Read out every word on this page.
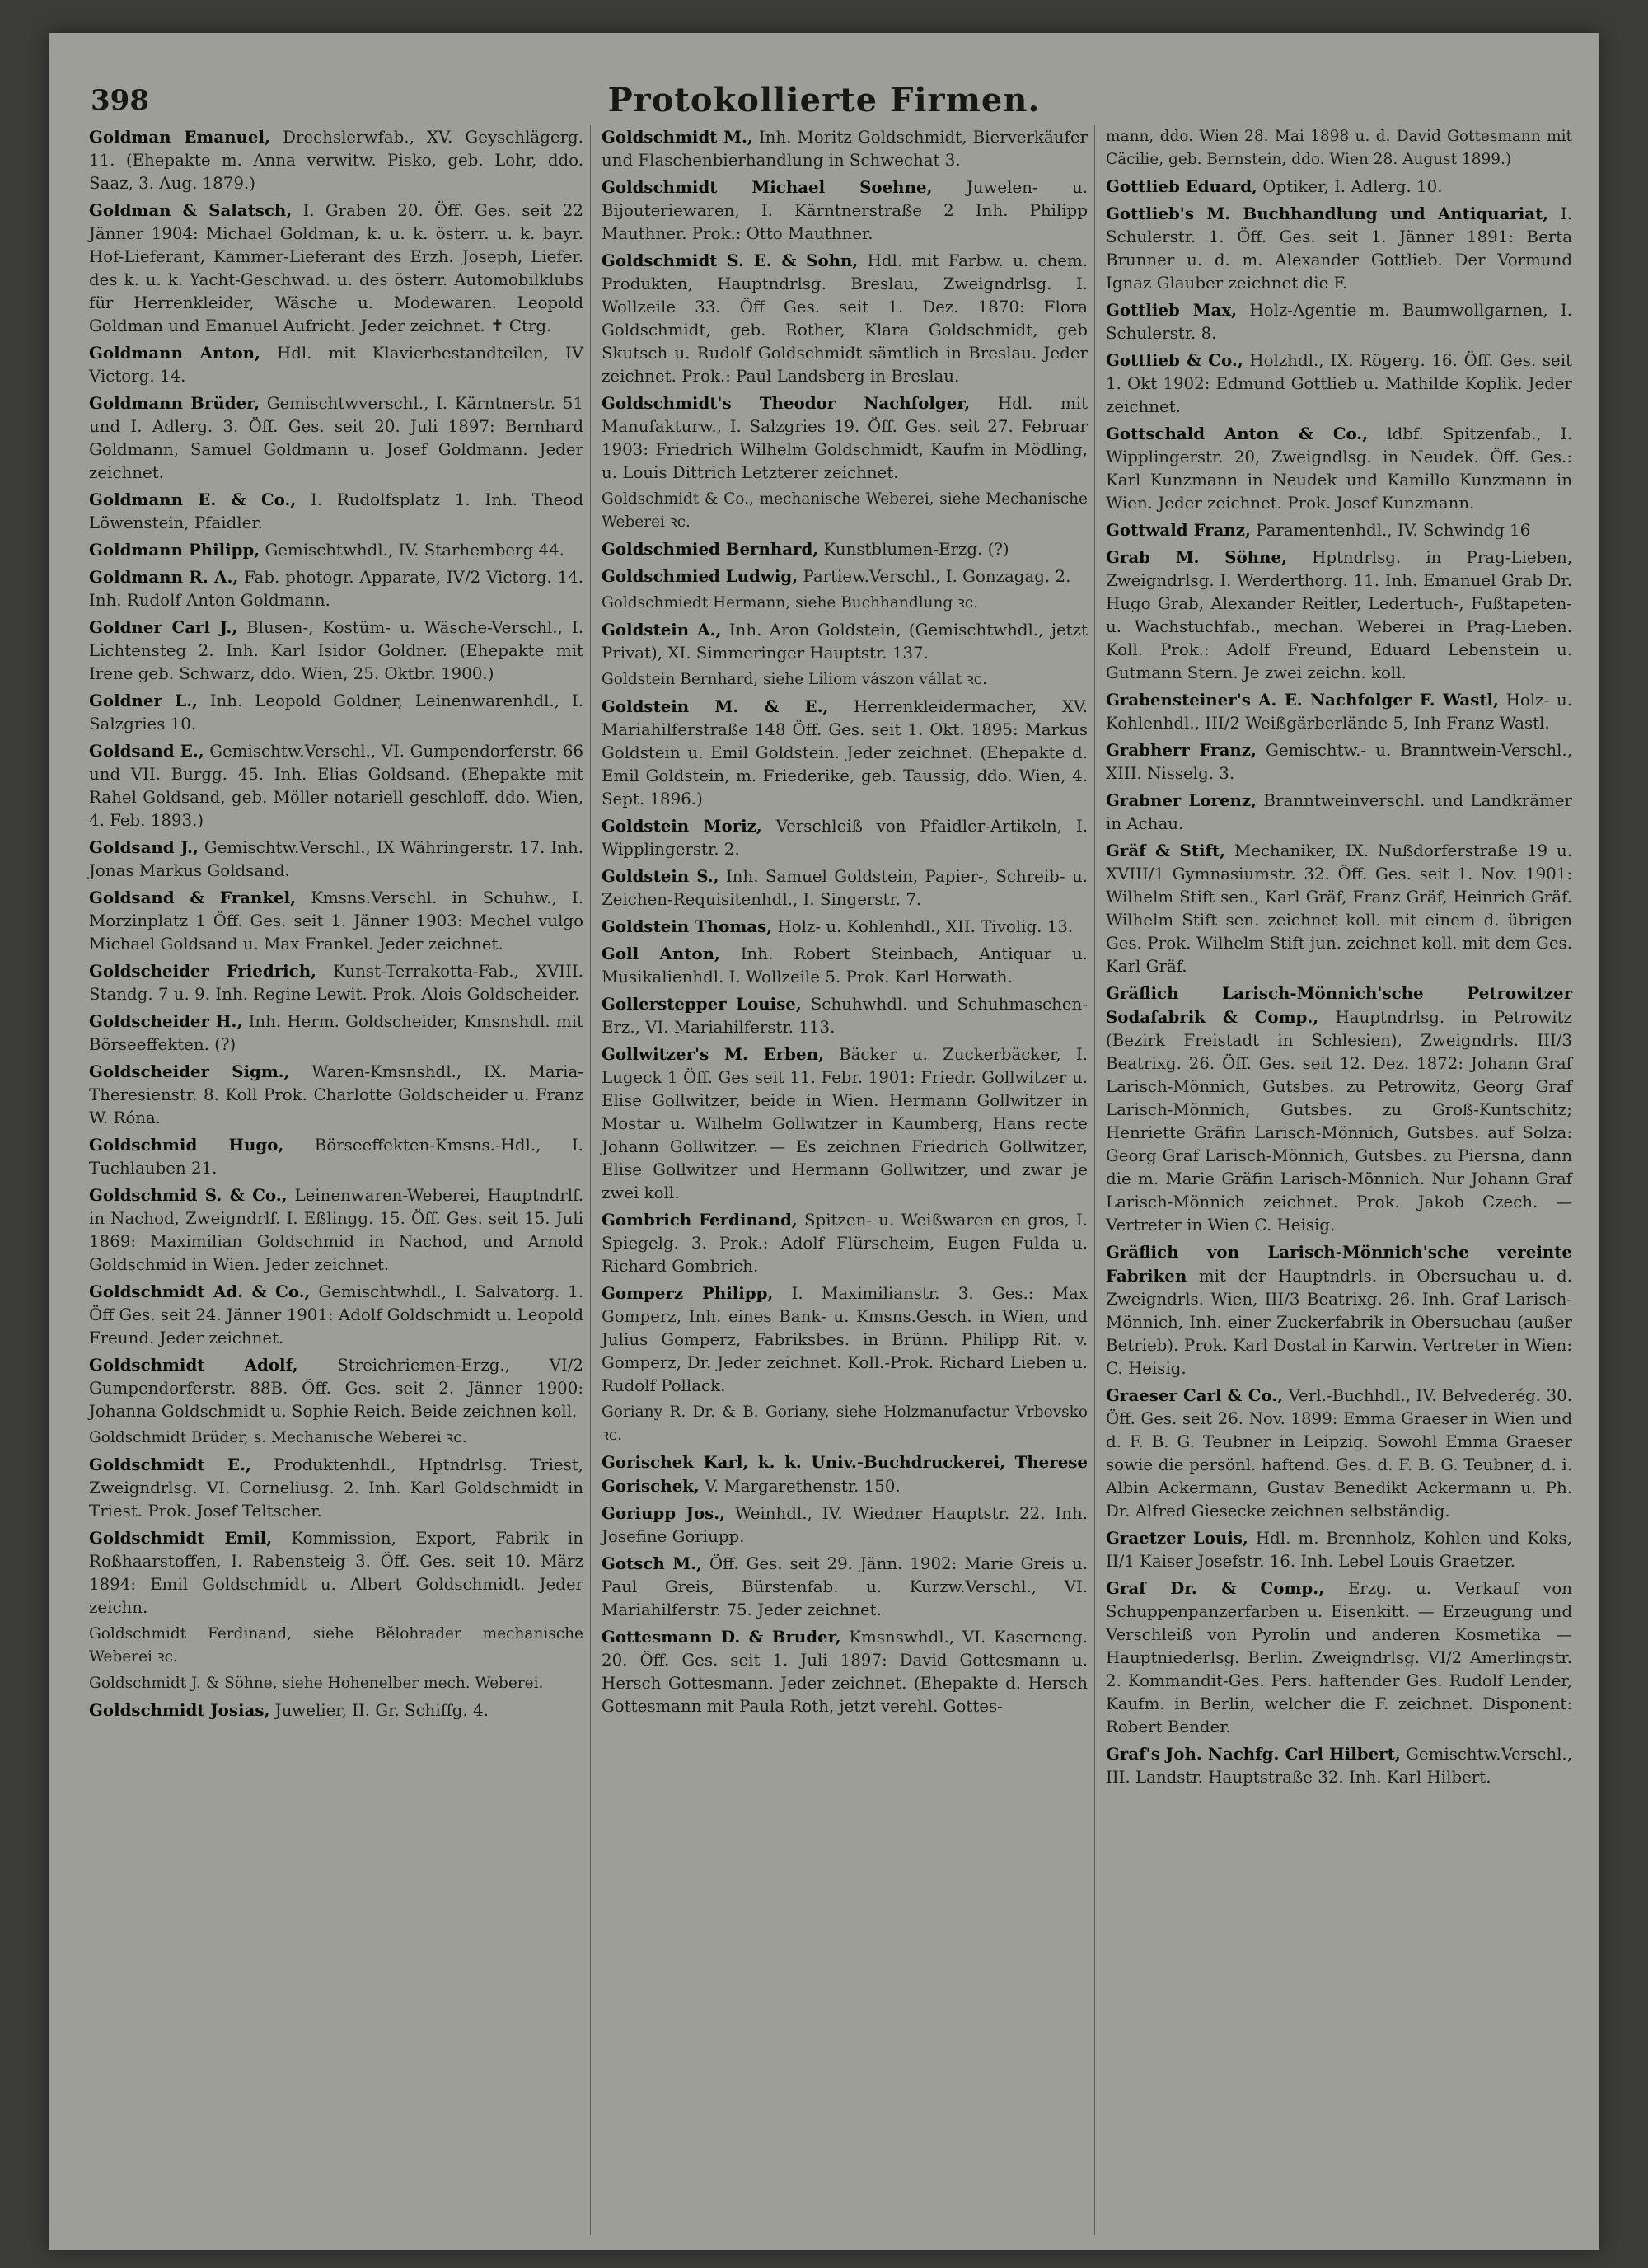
398	Protokollierte Firmen.

Goldman Emanuel, Drechslerwfab., XV. Geyschlägerg. 11. (Ehepakte m. Anna verwitw. Pisko, geb. Lohr, ddo. Saaz, 3. Aug. 1879.)

Goldman & Salatsch, I. Graben 20. Öff. Ges. seit 22 Jänner 1904: Michael Goldman, k. u. k. österr. u. k. bayr. Hof-Lieferant, Kammer-Lieferant des Erzh. Joseph, Liefer. des k. u. k. Yacht-Geschwad. u. des österr. Automobilklubs für Herrenkleider, Wäsche u. Modewaren. Leopold Goldman und Emanuel Aufricht. Jeder zeichnet. ✝ Ctrg.

Goldmann Anton, Hdl. mit Klavierbestandteilen, IV Victorg. 14.

Goldmann Brüder, Gemischtwverschl., I. Kärntnerstr. 51 und I. Adlerg. 3. Öff. Ges. seit 20. Juli 1897: Bernhard Goldmann, Samuel Goldmann u. Josef Goldmann. Jeder zeichnet.

Goldmann E. & Co., I. Rudolfsplatz 1. Inh. Theod Löwenstein, Pfaidler.

Goldmann Philipp, Gemischtwhdl., IV. Starhemberg 44.

Goldmann R. A., Fab. photogr. Apparate, IV/2 Victorg. 14. Inh. Rudolf Anton Goldmann.

Goldner Carl J., Blusen-, Kostüm- u. Wäsche-Verschl., I. Lichtensteg 2. Inh. Karl Isidor Goldner. (Ehepakte mit Irene geb. Schwarz, ddo. Wien, 25. Oktbr. 1900.)

Goldner L., Inh. Leopold Goldner, Leinenwarenhdl., I. Salzgries 10.

Goldsand E., Gemischtw.Verschl., VI. Gumpendorferstr. 66 und VII. Burgg. 45. Inh. Elias Goldsand. (Ehepakte mit Rahel Goldsand, geb. Möller notariell geschloff. ddo. Wien, 4. Feb. 1893.)

Goldsand J., Gemischtw.Verschl., IX Währingerstr. 17. Inh. Jonas Markus Goldsand.

Goldsand & Frankel, Kmsns.Verschl. in Schuhw., I. Morzinplatz 1 Öff. Ges. seit 1. Jänner 1903: Mechel vulgo Michael Goldsand u. Max Frankel. Jeder zeichnet.

Goldscheider Friedrich, Kunst-Terrakotta-Fab., XVIII. Standg. 7 u. 9. Inh. Regine Lewit. Prok. Alois Goldscheider.

Goldscheider H., Inh. Herm. Goldscheider, Kmsnshdl. mit Börseeffekten. (?)

Goldscheider Sigm., Waren-Kmsnshdl., IX. Maria-Theresienstr. 8. Koll Prok. Charlotte Goldscheider u. Franz W. Róna.

Goldschmid Hugo, Börseeffekten-Kmsns.-Hdl., I. Tuchlauben 21.

Goldschmid S. & Co., Leinenwaren-Weberei, Hauptndrlf. in Nachod, Zweigndrlf. I. Eßlingg. 15. Öff. Ges. seit 15. Juli 1869: Maximilian Goldschmid in Nachod, und Arnold Goldschmid in Wien. Jeder zeichnet.

Goldschmidt Ad. & Co., Gemischtwhdl., I. Salvatorg. 1. Öff Ges. seit 24. Jänner 1901: Adolf Goldschmidt u. Leopold Freund. Jeder zeichnet.

Goldschmidt Adolf, Streichriemen-Erzg., VI/2 Gumpendorferstr. 88B. Öff. Ges. seit 2. Jänner 1900: Johanna Goldschmidt u. Sophie Reich. Beide zeichnen koll.

Goldschmidt Brüder, s. Mechanische Weberei ꝛc.

Goldschmidt E., Produktenhdl., Hptndrlsg. Triest, Zweigndrlsg. VI. Corneliusg. 2. Inh. Karl Goldschmidt in Triest. Prok. Josef Teltscher.

Goldschmidt Emil, Kommission, Export, Fabrik in Roßhaarstoffen, I. Rabensteig 3. Öff. Ges. seit 10. März 1894: Emil Goldschmidt u. Albert Goldschmidt. Jeder zeichn.

Goldschmidt Ferdinand, siehe Bělohrader mechanische Weberei ꝛc.

Goldschmidt J. & Söhne, siehe Hohenelber mech. Weberei.

Goldschmidt Josias, Juwelier, II. Gr. Schiffg. 4.

Goldschmidt M., Inh. Moritz Goldschmidt, Bierverkäufer und Flaschenbierhandlung in Schwechat 3.

Goldschmidt Michael Soehne, Juwelen- u. Bijouteriewaren, I. Kärntnerstraße 2 Inh. Philipp Mauthner. Prok.: Otto Mauthner.

Goldschmidt S. E. & Sohn, Hdl. mit Farbw. u. chem. Produkten, Hauptndrlsg. Breslau, Zweigndrlsg. I. Wollzeile 33. Öff Ges. seit 1. Dez. 1870: Flora Goldschmidt, geb. Rother, Klara Goldschmidt, geb Skutsch u. Rudolf Goldschmidt sämtlich in Breslau. Jeder zeichnet. Prok.: Paul Landsberg in Breslau.

Goldschmidt's Theodor Nachfolger, Hdl. mit Manufakturw., I. Salzgries 19. Öff. Ges. seit 27. Februar 1903: Friedrich Wilhelm Goldschmidt, Kaufm in Mödling, u. Louis Dittrich Letzterer zeichnet.

Goldschmidt & Co., mechanische Weberei, siehe Mechanische Weberei ꝛc.

Goldschmied Bernhard, Kunstblumen-Erzg. (?)

Goldschmied Ludwig, Partiew.Verschl., I. Gonzagag. 2.

Goldschmiedt Hermann, siehe Buchhandlung ꝛc.

Goldstein A., Inh. Aron Goldstein, (Gemischtwhdl., jetzt Privat), XI. Simmeringer Hauptstr. 137.

Goldstein Bernhard, siehe Liliom vászon vállat ꝛc.

Goldstein M. & E., Herrenkleidermacher, XV. Mariahilferstraße 148 Öff. Ges. seit 1. Okt. 1895: Markus Goldstein u. Emil Goldstein. Jeder zeichnet. (Ehepakte d. Emil Goldstein, m. Friederike, geb. Taussig, ddo. Wien, 4. Sept. 1896.)

Goldstein Moriz, Verschleiß von Pfaidler-Artikeln, I. Wipplingerstr. 2.

Goldstein S., Inh. Samuel Goldstein, Papier-, Schreib- u. Zeichen-Requisitenhdl., I. Singerstr. 7.

Goldstein Thomas, Holz- u. Kohlenhdl., XII. Tivolig. 13.

Goll Anton, Inh. Robert Steinbach, Antiquar u. Musikalienhdl. I. Wollzeile 5. Prok. Karl Horwath.

Gollerstepper Louise, Schuhwhdl. und Schuhmaschen-Erz., VI. Mariahilferstr. 113.

Gollwitzer's M. Erben, Bäcker u. Zuckerbäcker, I. Lugeck 1 Öff. Ges seit 11. Febr. 1901: Friedr. Gollwitzer u. Elise Gollwitzer, beide in Wien. Hermann Gollwitzer in Mostar u. Wilhelm Gollwitzer in Kaumberg, Hans recte Johann Gollwitzer. — Es zeichnen Friedrich Gollwitzer, Elise Gollwitzer und Hermann Gollwitzer, und zwar je zwei koll.

Gombrich Ferdinand, Spitzen- u. Weißwaren en gros, I. Spiegelg. 3. Prok.: Adolf Flürscheim, Eugen Fulda u. Richard Gombrich.

Gomperz Philipp, I. Maximilianstr. 3. Ges.: Max Gomperz, Inh. eines Bank- u. Kmsns.Gesch. in Wien, und Julius Gomperz, Fabriksbes. in Brünn. Philipp Rit. v. Gomperz, Dr. Jeder zeichnet. Koll.-Prok. Richard Lieben u. Rudolf Pollack.

Goriany R. Dr. & B. Goriany, siehe Holzmanufactur Vrbovsko ꝛc.

Gorischek Karl, k. k. Univ.-Buchdruckerei, Therese Gorischek, V. Margarethenstr. 150.

Goriupp Jos., Weinhdl., IV. Wiedner Hauptstr. 22. Inh. Josefine Goriupp.

Gotsch M., Öff. Ges. seit 29. Jänn. 1902: Marie Greis u. Paul Greis, Bürstenfab. u. Kurzw.Verschl., VI. Mariahilferstr. 75. Jeder zeichnet.

Gottesmann D. & Bruder, Kmsnswhdl., VI. Kaserneng. 20. Öff. Ges. seit 1. Juli 1897: David Gottesmann u. Hersch Gottesmann. Jeder zeichnet. (Ehepakte d. Hersch Gottesmann mit Paula Roth, jetzt verehl. Gottes-

mann, ddo. Wien 28. Mai 1898 u. d. David Gottesmann mit Cäcilie, geb. Bernstein, ddo. Wien 28. August 1899.)

Gottlieb Eduard, Optiker, I. Adlerg. 10.

Gottlieb's M. Buchhandlung und Antiquariat, I. Schulerstr. 1. Öff. Ges. seit 1. Jänner 1891: Berta Brunner u. d. m. Alexander Gottlieb. Der Vormund Ignaz Glauber zeichnet die F.

Gottlieb Max, Holz-Agentie m. Baumwollgarnen, I. Schulerstr. 8.

Gottlieb & Co., Holzhdl., IX. Rögerg. 16. Öff. Ges. seit 1. Okt 1902: Edmund Gottlieb u. Mathilde Koplik. Jeder zeichnet.

Gottschald Anton & Co., ldbf. Spitzenfab., I. Wipplingerstr. 20, Zweigndlsg. in Neudek. Öff. Ges.: Karl Kunzmann in Neudek und Kamillo Kunzmann in Wien. Jeder zeichnet. Prok. Josef Kunzmann.

Gottwald Franz, Paramentenhdl., IV. Schwindg 16

Grab M. Söhne, Hptndrlsg. in Prag-Lieben, Zweigndrlsg. I. Werderthorg. 11. Inh. Emanuel Grab Dr. Hugo Grab, Alexander Reitler, Ledertuch-, Fußtapeten- u. Wachstuchfab., mechan. Weberei in Prag-Lieben. Koll. Prok.: Adolf Freund, Eduard Lebenstein u. Gutmann Stern. Je zwei zeichn. koll.

Grabensteiner's A. E. Nachfolger F. Wastl, Holz- u. Kohlenhdl., III/2 Weißgärberlände 5, Inh Franz Wastl.

Grabherr Franz, Gemischtw.- u. Branntwein-Verschl., XIII. Nisselg. 3.

Grabner Lorenz, Branntweinverschl. und Landkrämer in Achau.

Gräf & Stift, Mechaniker, IX. Nußdorferstraße 19 u. XVIII/1 Gymnasiumstr. 32. Öff. Ges. seit 1. Nov. 1901: Wilhelm Stift sen., Karl Gräf, Franz Gräf, Heinrich Gräf. Wilhelm Stift sen. zeichnet koll. mit einem d. übrigen Ges. Prok. Wilhelm Stift jun. zeichnet koll. mit dem Ges. Karl Gräf.

Gräflich Larisch-Mönnich'sche Petrowitzer Sodafabrik & Comp., Hauptndrlsg. in Petrowitz (Bezirk Freistadt in Schlesien), Zweigndrls. III/3 Beatrixg. 26. Öff. Ges. seit 12. Dez. 1872: Johann Graf Larisch-Mönnich, Gutsbes. zu Petrowitz, Georg Graf Larisch-Mönnich, Gutsbes. zu Groß-Kuntschitz; Henriette Gräfin Larisch-Mönnich, Gutsbes. auf Solza: Georg Graf Larisch-Mönnich, Gutsbes. zu Piersna, dann die m. Marie Gräfin Larisch-Mönnich. Nur Johann Graf Larisch-Mönnich zeichnet. Prok. Jakob Czech. — Vertreter in Wien C. Heisig.

Gräflich von Larisch-Mönnich'sche vereinte Fabriken mit der Hauptndrls. in Obersuchau u. d. Zweigndrls. Wien, III/3 Beatrixg. 26. Inh. Graf Larisch-Mönnich, Inh. einer Zuckerfabrik in Obersuchau (außer Betrieb). Prok. Karl Dostal in Karwin. Vertreter in Wien: C. Heisig.

Graeser Carl & Co., Verl.-Buchhdl., IV. Belvederég. 30. Öff. Ges. seit 26. Nov. 1899: Emma Graeser in Wien und d. F. B. G. Teubner in Leipzig. Sowohl Emma Graeser sowie die persönl. haftend. Ges. d. F. B. G. Teubner, d. i. Albin Ackermann, Gustav Benedikt Ackermann u. Ph. Dr. Alfred Giesecke zeichnen selbständig.

Graetzer Louis, Hdl. m. Brennholz, Kohlen und Koks, II/1 Kaiser Josefstr. 16. Inh. Lebel Louis Graetzer.

Graf Dr. & Comp., Erzg. u. Verkauf von Schuppenpanzerfarben u. Eisenkitt. — Erzeugung und Verschleiß von Pyrolin und anderen Kosmetika — Hauptniederlsg. Berlin. Zweigndrlsg. VI/2 Amerlingstr. 2. Kommandit-Ges. Pers. haftender Ges. Rudolf Lender, Kaufm. in Berlin, welcher die F. zeichnet. Disponent: Robert Bender.

Graf's Joh. Nachfg. Carl Hilbert, Gemischtw.Verschl., III. Landstr. Hauptstraße 32. Inh. Karl Hilbert.
